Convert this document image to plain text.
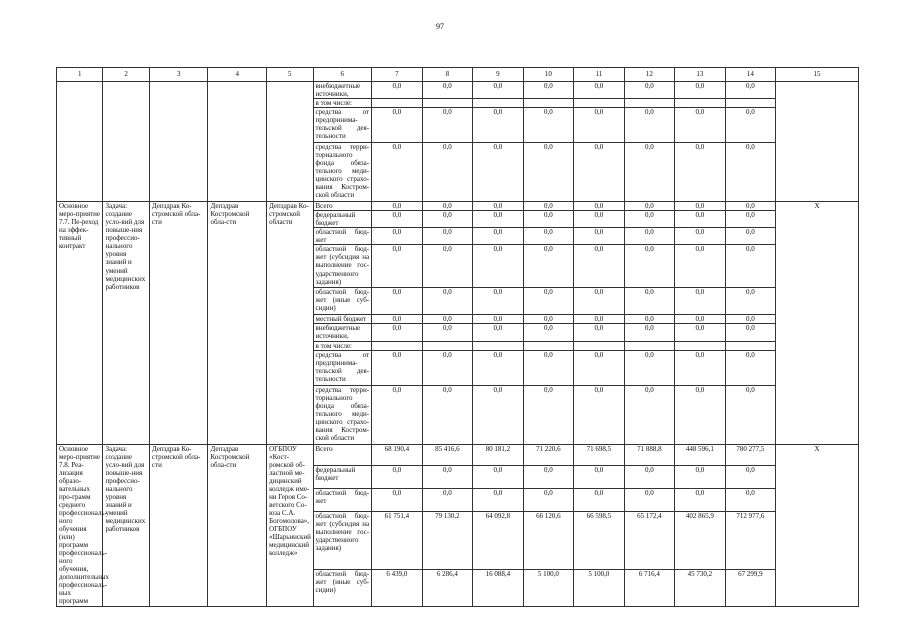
97
1	2	3	4	5	6	7	8	9	10	11	12	13	14	15
					внебюджетные источники,	0,0	0,0	0,0	0,0	0,0	0,0	0,0	0,0	
					в том числе:									
					средства от предпринима-тельской дея-тельности	0,0	0,0	0,0	0,0	0,0	0,0	0,0	0,0	
					средства терри-ториального фонда обяза-тельного меди-цинского страхо-вания Костром-ской области	0,0	0,0	0,0	0,0	0,0	0,0	0,0	0,0	
Основное меро-приятие 7.7. Пе-реход на эффек-тивный контракт	Задача: создание усло-вий для повыше-ния профессио-нального уровня знаний и умений медицинских работников	Депздрав Ко-стромской обла-сти	Депздрав Костромской обла-сти	Депздрав Ко-стромской области	Всего	0,0	0,0	0,0	0,0	0,0	0,0	0,0	0,0	X
					федеральный бюджет	0,0	0,0	0,0	0,0	0,0	0,0	0,0	0,0	
					областной бюд-жет	0,0	0,0	0,0	0,0	0,0	0,0	0,0	0,0	
					областной бюд-жет (субсидия на выполнение гос-ударственного задания)	0,0	0,0	0,0	0,0	0,0	0,0	0,0	0,0	
					областной бюд-жет (иные суб-сидии)	0,0	0,0	0,0	0,0	0,0	0,0	0,0	0,0	
					местный бюджет	0,0	0,0	0,0	0,0	0,0	0,0	0,0	0,0	
					внебюджетные источники,	0,0	0,0	0,0	0,0	0,0	0,0	0,0	0,0	
					в том числе:									
					средства от предпринима-тельской дея-тельности	0,0	0,0	0,0	0,0	0,0	0,0	0,0	0,0	
					средства терри-ториального фонда обяза-тельного меди-цинского страхо-вания Костром-ской области	0,0	0,0	0,0	0,0	0,0	0,0	0,0	0,0	
Основное меро-приятие 7.8. Реа-лизация образо-вательных про-грамм среднего профессиональ-ного обучения (или) программ профессиональ-ного обучения, дополнительных профессиональ-ных программ	Задача: создание усло-вий для повыше-ния профессио-нального уровня знаний и умений медицинских работников	Депздрав Ко-стромской обла-сти	Депздрав Костромской обла-сти	ОГБПОУ «Кост-ромской об-ластной ме-дицинский колледж име-ни Героя Со-ветского Со-юза С.А. Богомолова», ОГБПОУ «Шарьинский медицинский колледж»	Всего	68 190,4	85 416,6	80 181,2	71 220,6	71 698,5	71 888,8	448 596,1	780 277,5	X
					федеральный бюджет	0,0	0,0	0,0	0,0	0,0	0,0	0,0	0,0	
					областной бюд-жет	0,0	0,0	0,0	0,0	0,0	0,0	0,0	0,0	
					областной бюд-жет (субсидия на выполнение гос-ударственного задания)	61 751,4	79 130,2	64 092,8	66 120,6	66 598,5	65 172,4	402 865,9	712 977,6	
					областной бюд-жет (иные суб-сидии)	6 439,0	6 286,4	16 088,4	5 100,0	5 100,0	6 716,4	45 730,2	67 299,9	
